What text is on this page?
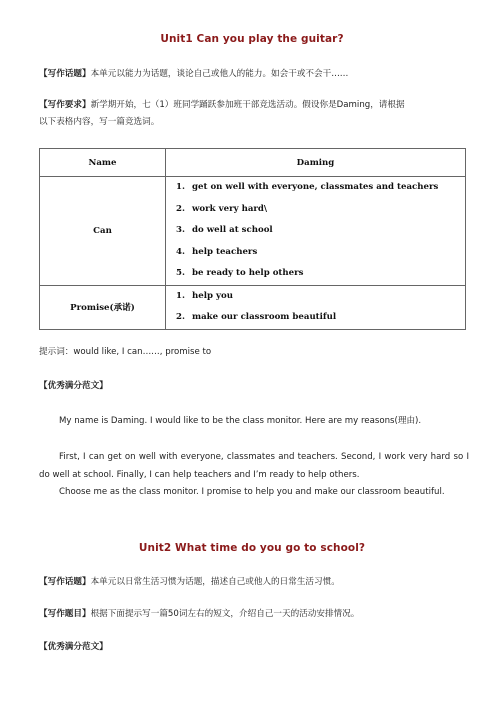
Unit1 Can you play the guitar?
【写作话题】本单元以能力为话题，谈论自己或他人的能力。如会干或不会干……
【写作要求】新学期开始，七（1）班同学踊跃参加班干部竞选活动。假设你是Daming，请根据
以下表格内容，写一篇竞选词。
Name	Daming
Can	1. get on well with everyone, classmates and teachers
2. work very hard\
3. do well at school
4. help teachers
5. be ready to help others

Promise(承诺)	1. help you
2. make our classroom beautiful
提示词：would like, I can……, promise to
【优秀满分范文】
My name is Daming. I would like to be the class monitor. Here are my reasons(理由).
First, I can get on well with everyone, classmates and teachers. Second, I work very hard so I do well at school. Finally, I can help teachers and I’m ready to help others.
Choose me as the class monitor. I promise to help you and make our classroom beautiful.
Unit2 What time do you go to school?
【写作话题】本单元以日常生活习惯为话题，描述自己或他人的日常生活习惯。
【写作题目】根据下面提示写一篇50词左右的短文，介绍自己一天的活动安排情况。
【优秀满分范文】
